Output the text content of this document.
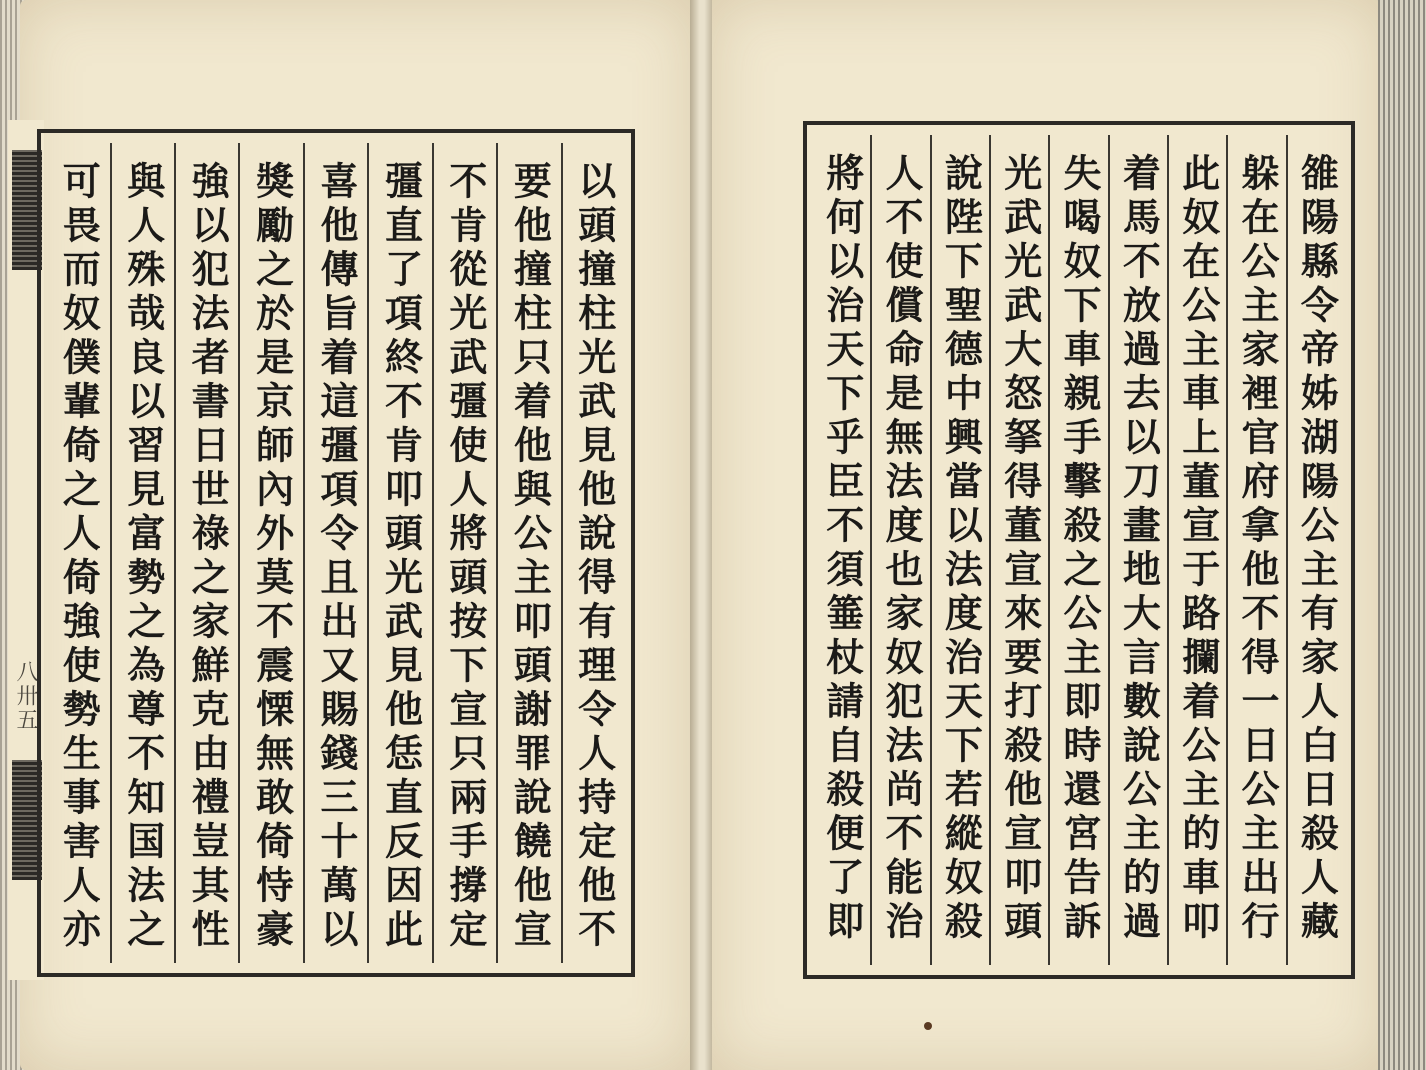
八卅五	以頭撞柱光武見他說得有理令人持定他不
要他撞柱只着他與公主叩頭謝罪說饒他宣
不肯從光武彊使人將頭按下宣只兩手撐定
彊直了項終不肯叩頭光武見他恁直反因此
喜他傳旨着這彊項令且出又賜錢三十萬以
獎勵之於是京師內外莫不震慄無敢倚恃豪
強以犯法者書日世祿之家鮮克由禮豈其性
與人殊哉良以習見富勢之為尊不知国法之
可畏而奴僕輩倚之人倚強使勢生事害人亦	雒陽縣令帝姊湖陽公主有家人白日殺人藏
躲在公主家裡官府拿他不得一日公主出行
此奴在公主車上董宣于路攔着公主的車叩
着馬不放過去以刀畫地大言數說公主的過
失喝奴下車親手擊殺之公主即時還宮告訴
光武光武大怒拏得董宣來要打殺他宣叩頭
說陛下聖德中興當以法度治天下若縱奴殺
人不使償命是無法度也家奴犯法尚不能治
將何以治天下乎臣不須箠杖請自殺便了即
